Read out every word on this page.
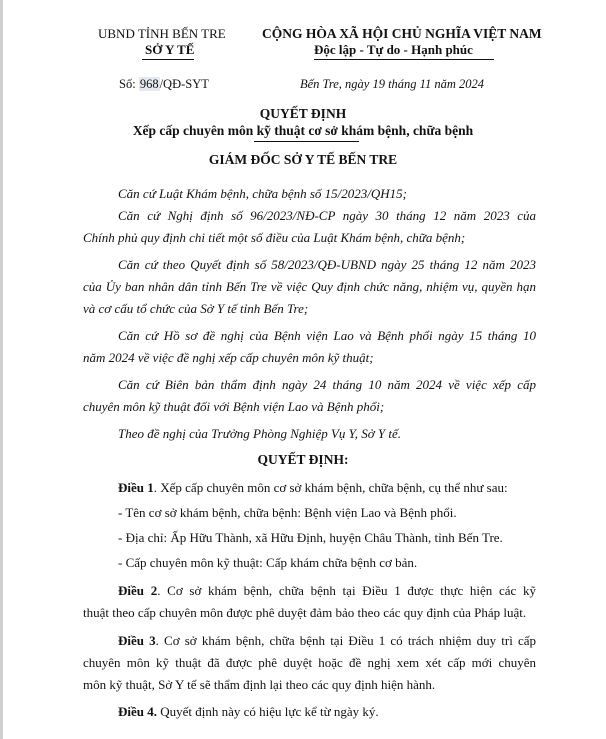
UBND TỈNH BẾN TRE
SỞ Y TẾ
CỘNG HÒA XÃ HỘI CHỦ NGHĨA VIỆT NAM
Độc lập - Tự do - Hạnh phúc
Số: 968/QĐ-SYT	Bến Tre, ngày 19 tháng 11 năm 2024
QUYẾT ĐỊNH
Xếp cấp chuyên môn kỹ thuật cơ sở khám bệnh, chữa bệnh
GIÁM ĐỐC SỞ Y TẾ BẾN TRE
Căn cứ Luật Khám bệnh, chữa bệnh số 15/2023/QH15;
Căn cứ Nghị định số 96/2023/NĐ-CP ngày 30 tháng 12 năm 2023 của
Chính phủ quy định chi tiết một số điều của Luật Khám bệnh, chữa bệnh;
Căn cứ theo Quyết định số 58/2023/QĐ-UBND ngày 25 tháng 12 năm 2023
của Ủy ban nhân dân tỉnh Bến Tre về việc Quy định chức năng, nhiệm vụ, quyền hạn
và cơ cấu tổ chức của Sở Y tế tỉnh Bến Tre;
Căn cứ Hồ sơ đề nghị của Bệnh viện Lao và Bệnh phổi ngày 15 tháng 10
năm 2024 về việc đề nghị xếp cấp chuyên môn kỹ thuật;
Căn cứ Biên bản thẩm định ngày 24 tháng 10 năm 2024 về việc xếp cấp
chuyên môn kỹ thuật đối với Bệnh viện Lao và Bệnh phổi;
Theo đề nghị của Trưởng Phòng Nghiệp Vụ Y, Sở Y tế.
QUYẾT ĐỊNH:
Điều 1. Xếp cấp chuyên môn cơ sở khám bệnh, chữa bệnh, cụ thể như sau:
- Tên cơ sở khám bệnh, chữa bệnh: Bệnh viện Lao và Bệnh phổi.
- Địa chỉ: Ấp Hữu Thành, xã Hữu Định, huyện Châu Thành, tỉnh Bến Tre.
- Cấp chuyên môn kỹ thuật: Cấp khám chữa bệnh cơ bản.
Điều 2. Cơ sở khám bệnh, chữa bệnh tại Điều 1 được thực hiện các kỹ
thuật theo cấp chuyên môn được phê duyệt đảm bảo theo các quy định của Pháp luật.
Điều 3. Cơ sở khám bệnh, chữa bệnh tại Điều 1 có trách nhiệm duy trì cấp
chuyên môn kỹ thuật đã được phê duyệt hoặc đề nghị xem xét cấp mới chuyên
môn kỹ thuật, Sở Y tế sẽ thẩm định lại theo các quy định hiện hành.
Điều 4. Quyết định này có hiệu lực kể từ ngày ký.
